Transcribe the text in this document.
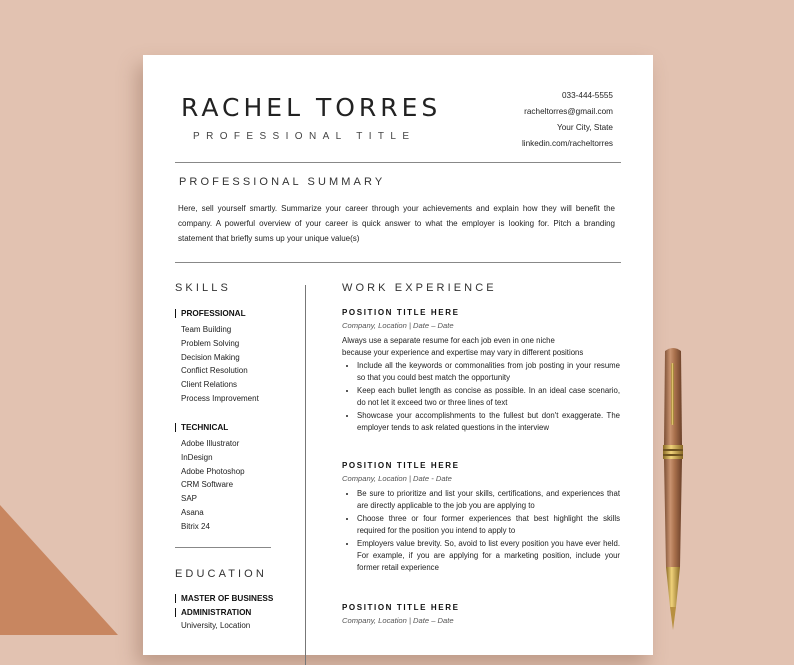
RACHEL TORRES
PROFESSIONAL TITLE
033-444-5555
racheltorres@gmail.com
Your City, State
linkedin.com/racheltorres
PROFESSIONAL SUMMARY
Here, sell yourself smartly. Summarize your career through your achievements and explain how they will benefit the company. A powerful overview of your career is quick answer to what the employer is looking for. Pitch a branding statement that briefly sums up your unique value(s)
SKILLS
PROFESSIONAL
Team Building
Problem Solving
Decision Making
Conflict Resolution
Client Relations
Process Improvement
TECHNICAL
Adobe Illustrator
InDesign
Adobe Photoshop
CRM Software
SAP
Asana
Bitrix 24
EDUCATION
MASTER OF BUSINESS
ADMINISTRATION
University, Location
WORK EXPERIENCE
POSITION TITLE HERE
Company, Location | Date – Date
Always use a separate resume for each job even in one niche
because your experience and expertise may vary in different positions
• Include all the keywords or commonalities from job posting in your resume so that you could best match the opportunity
• Keep each bullet length as concise as possible. In an ideal case scenario, do not let it exceed two or three lines of text
• Showcase your accomplishments to the fullest but don't exaggerate. The employer tends to ask related questions in the interview
POSITION TITLE HERE
Company, Location | Date - Date
• Be sure to prioritize and list your skills, certifications, and experiences that are directly applicable to the job you are applying to
• Choose three or four former experiences that best highlight the skills required for the position you intend to apply to
• Employers value brevity. So, avoid to list every position you have ever held. For example, if you are applying for a marketing position, include your former retail experience
POSITION TITLE HERE
Company, Location | Date – Date
